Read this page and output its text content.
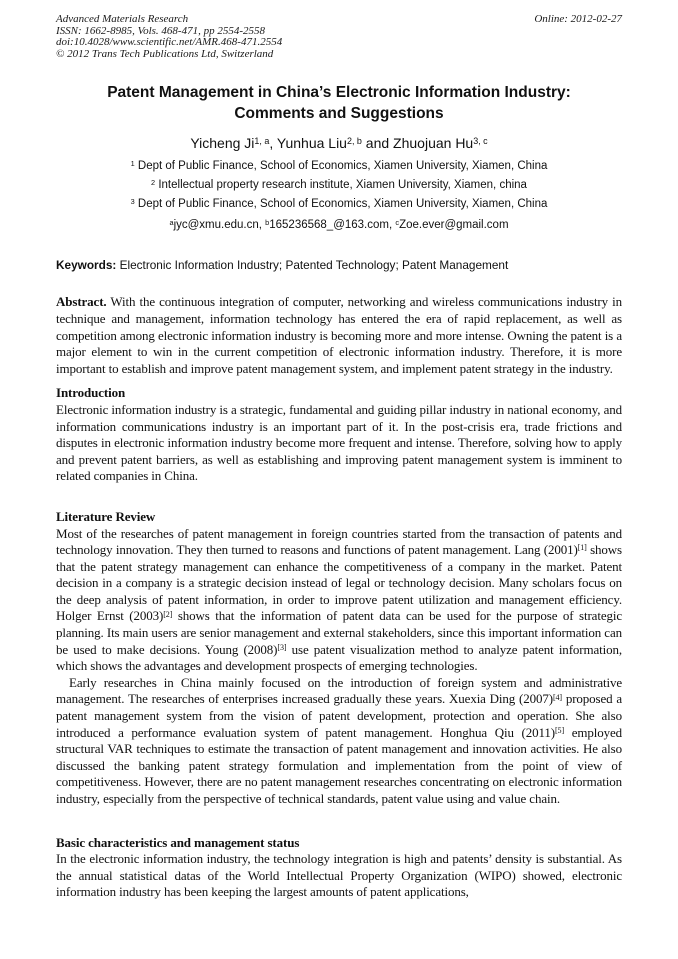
Advanced Materials Research
ISSN: 1662-8985, Vols. 468-471, pp 2554-2558
doi:10.4028/www.scientific.net/AMR.468-471.2554
© 2012 Trans Tech Publications Ltd, Switzerland
Online: 2012-02-27
Patent Management in China’s Electronic Information Industry:
Comments and Suggestions
Yicheng Ji$^{1, a}$, Yunhua Liu$^{2, b}$ and Zhuojuan Hu$^{3, c}$
$^1$ Dept of Public Finance, School of Economics, Xiamen University, Xiamen, China
$^2$ Intellectual property research institute, Xiamen University, Xiamen, china
$^3$ Dept of Public Finance, School of Economics, Xiamen University, Xiamen, China
$^a$jyc@xmu.edu.cn, $^b$165236568_@163.com, $^c$Zoe.ever@gmail.com

Keywords: Electronic Information Industry; Patented Technology; Patent Management

Abstract. With the continuous integration of computer, networking and wireless communications industry in technique and management, information technology has entered the era of rapid replacement, as well as competition among electronic information industry is becoming more and more intense. Owning the patent is a major element to win in the current competition of electronic information industry. Therefore, it is more important to establish and improve patent management system, and implement patent strategy in the industry.

Introduction

Electronic information industry is a strategic, fundamental and guiding pillar industry in national economy, and information communications industry is an important part of it. In the post-crisis era, trade frictions and disputes in electronic information industry become more frequent and intense. Therefore, solving how to apply and prevent patent barriers, as well as establishing and improving patent management system is imminent to related companies in China.

Literature Review

Most of the researches of patent management in foreign countries started from the transaction of patents and technology innovation. They then turned to reasons and functions of patent management. Lang (2001)[1] shows that the patent strategy management can enhance the competitiveness of a company in the market. Patent decision in a company is a strategic decision instead of legal or technology decision. Many scholars focus on the deep analysis of patent information, in order to improve patent utilization and management efficiency. Holger Ernst (2003)[2] shows that the information of patent data can be used for the purpose of strategic planning. Its main users are senior management and external stakeholders, since this important information can be used to make decisions. Young (2008)[3] use patent visualization method to analyze patent information, which shows the advantages and development prospects of emerging technologies.

Early researches in China mainly focused on the introduction of foreign system and administrative management. The researches of enterprises increased gradually these years. Xuexia Ding (2007)[4] proposed a patent management system from the vision of patent development, protection and operation. She also introduced a performance evaluation system of patent management. Honghua Qiu (2011)[5] employed structural VAR techniques to estimate the transaction of patent management and innovation activities. He also discussed the banking patent strategy formulation and implementation from the point of view of competitiveness. However, there are no patent management researches concentrating on electronic information industry, especially from the perspective of technical standards, patent value using and value chain.

Basic characteristics and management status

In the electronic information industry, the technology integration is high and patents’ density is substantial. As the annual statistical datas of the World Intellectual Property Organization (WIPO) showed, electronic information industry has been keeping the largest amounts of patent applications,
